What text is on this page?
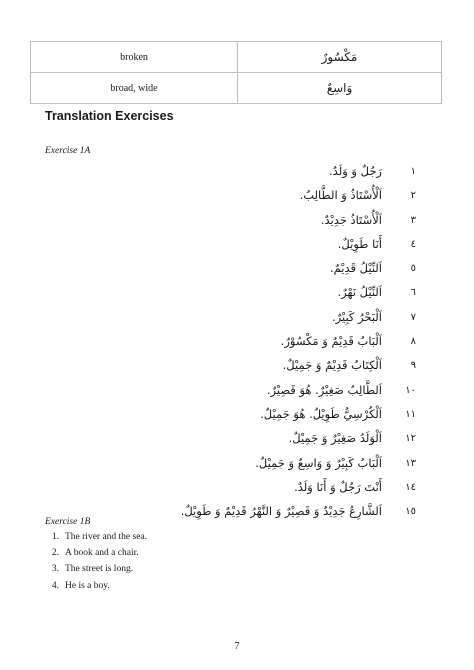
broken	مَكْسُورٌ
broad, wide	وَاسِعٌ
Translation Exercises

Exercise 1A

١
رَجُلٌ وَ وَلَدٌ.
٢
اَلْأُسْتَاذُ وَ الطَّالِبُ.
٣
اَلْأُسْتَاذُ جَدِيْدٌ.
٤
أَنَا طَوِيْلٌ.
٥
اَلنِّيْلُ قَدِيْمٌ.
٦
اَلنِّيْلُ نَهْرٌ.
٧
اَلْبَحْرُ كَبِيْرٌ.
٨
اَلْبَابُ قَدِيْمٌ وَ مَكْسُوْرٌ.
٩
اَلْكِتَابُ قَدِيْمٌ وَ جَمِيْلٌ.
١٠
اَلطَّالِبُ صَغِيْرٌ. هُوَ قَصِيْرٌ.
١١
اَلْكُرْسِيُّ طَوِيْلٌ. هُوَ جَمِيْلٌ.
١٢
اَلْوَلَدُ صَغِيْرٌ وَ جَمِيْلٌ.
١٣
اَلْبَابُ كَبِيْرٌ وَ وَاسِعٌ وَ جَمِيْلٌ.
١٤
أَنْتَ رَجُلٌ وَ أَنَا وَلَدٌ.
١٥
اَلشَّارِعُ جَدِيْدٌ وَ قَصِيْرٌ وَ النَّهْرُ قَدِيْمٌ وَ طَوِيْلٌ.

Exercise 1B

1. The river and the sea.
2. A book and a chair.
3. The street is long.
4. He is a boy.
7
